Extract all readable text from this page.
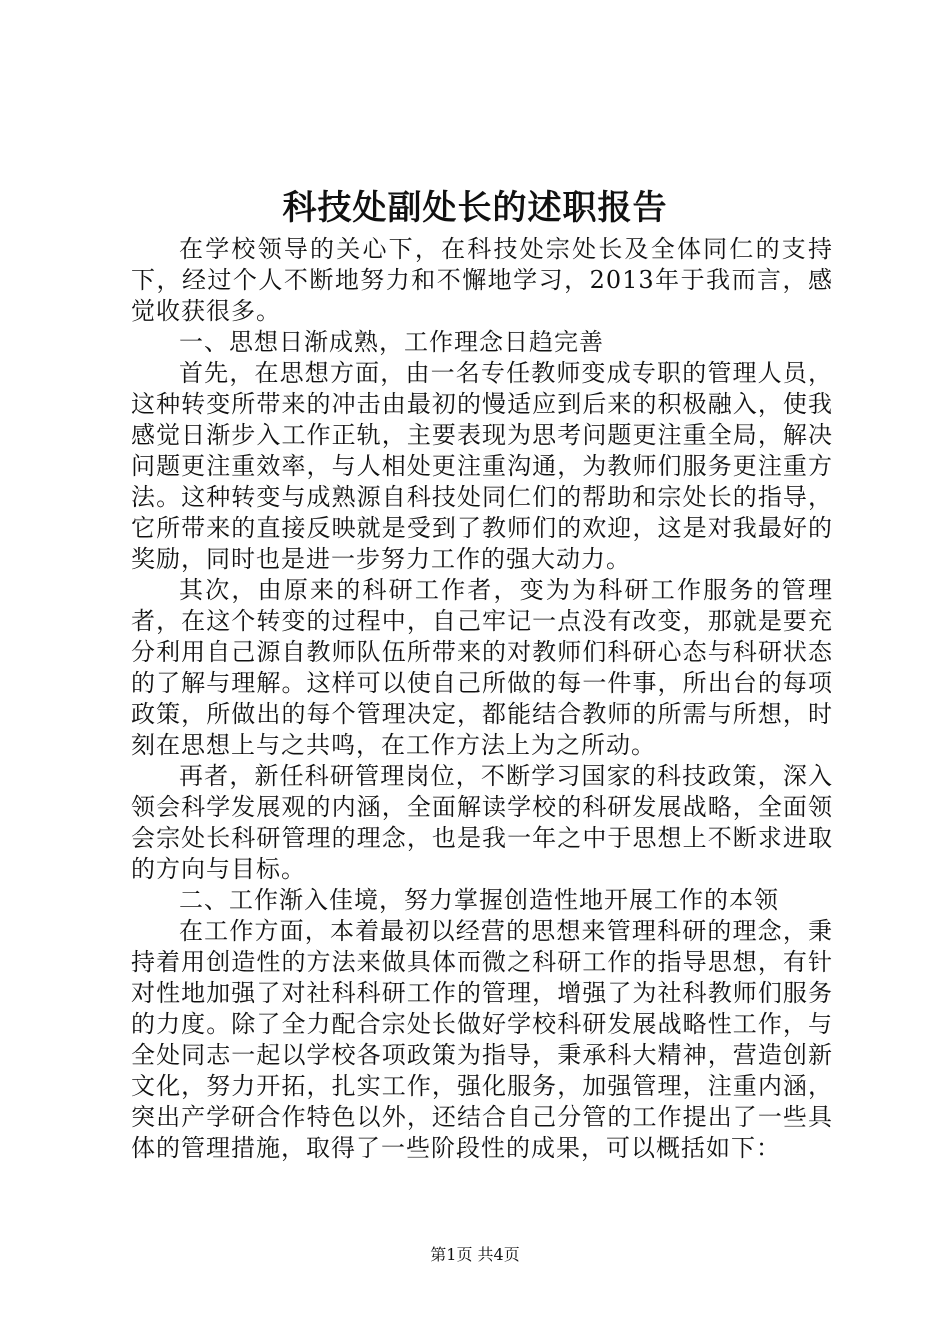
科技处副处长的述职报告

在学校领导的关心下，在科技处宗处长及全体同仁的支持下，经过个人不断地努力和不懈地学习，2013年于我而言，感觉收获很多。

一、思想日渐成熟，工作理念日趋完善

首先，在思想方面，由一名专任教师变成专职的管理人员，这种转变所带来的冲击由最初的慢适应到后来的积极融入，使我感觉日渐步入工作正轨，主要表现为思考问题更注重全局，解决问题更注重效率，与人相处更注重沟通，为教师们服务更注重方法。这种转变与成熟源自科技处同仁们的帮助和宗处长的指导，它所带来的直接反映就是受到了教师们的欢迎，这是对我最好的奖励，同时也是进一步努力工作的强大动力。

其次，由原来的科研工作者，变为为科研工作服务的管理者，在这个转变的过程中，自己牢记一点没有改变，那就是要充分利用自己源自教师队伍所带来的对教师们科研心态与科研状态的了解与理解。这样可以使自己所做的每一件事，所出台的每项政策，所做出的每个管理决定，都能结合教师的所需与所想，时刻在思想上与之共鸣，在工作方法上为之所动。

再者，新任科研管理岗位，不断学习国家的科技政策，深入领会科学发展观的内涵，全面解读学校的科研发展战略，全面领会宗处长科研管理的理念，也是我一年之中于思想上不断求进取的方向与目标。

二、工作渐入佳境，努力掌握创造性地开展工作的本领

在工作方面，本着最初以经营的思想来管理科研的理念，秉持着用创造性的方法来做具体而微之科研工作的指导思想，有针对性地加强了对社科科研工作的管理，增强了为社科教师们服务的力度。除了全力配合宗处长做好学校科研发展战略性工作，与全处同志一起以学校各项政策为指导，秉承科大精神，营造创新文化，努力开拓，扎实工作，强化服务，加强管理，注重内涵，突出产学研合作特色以外，还结合自己分管的工作提出了一些具体的管理措施，取得了一些阶段性的成果，可以概括如下：

第1页 共4页
